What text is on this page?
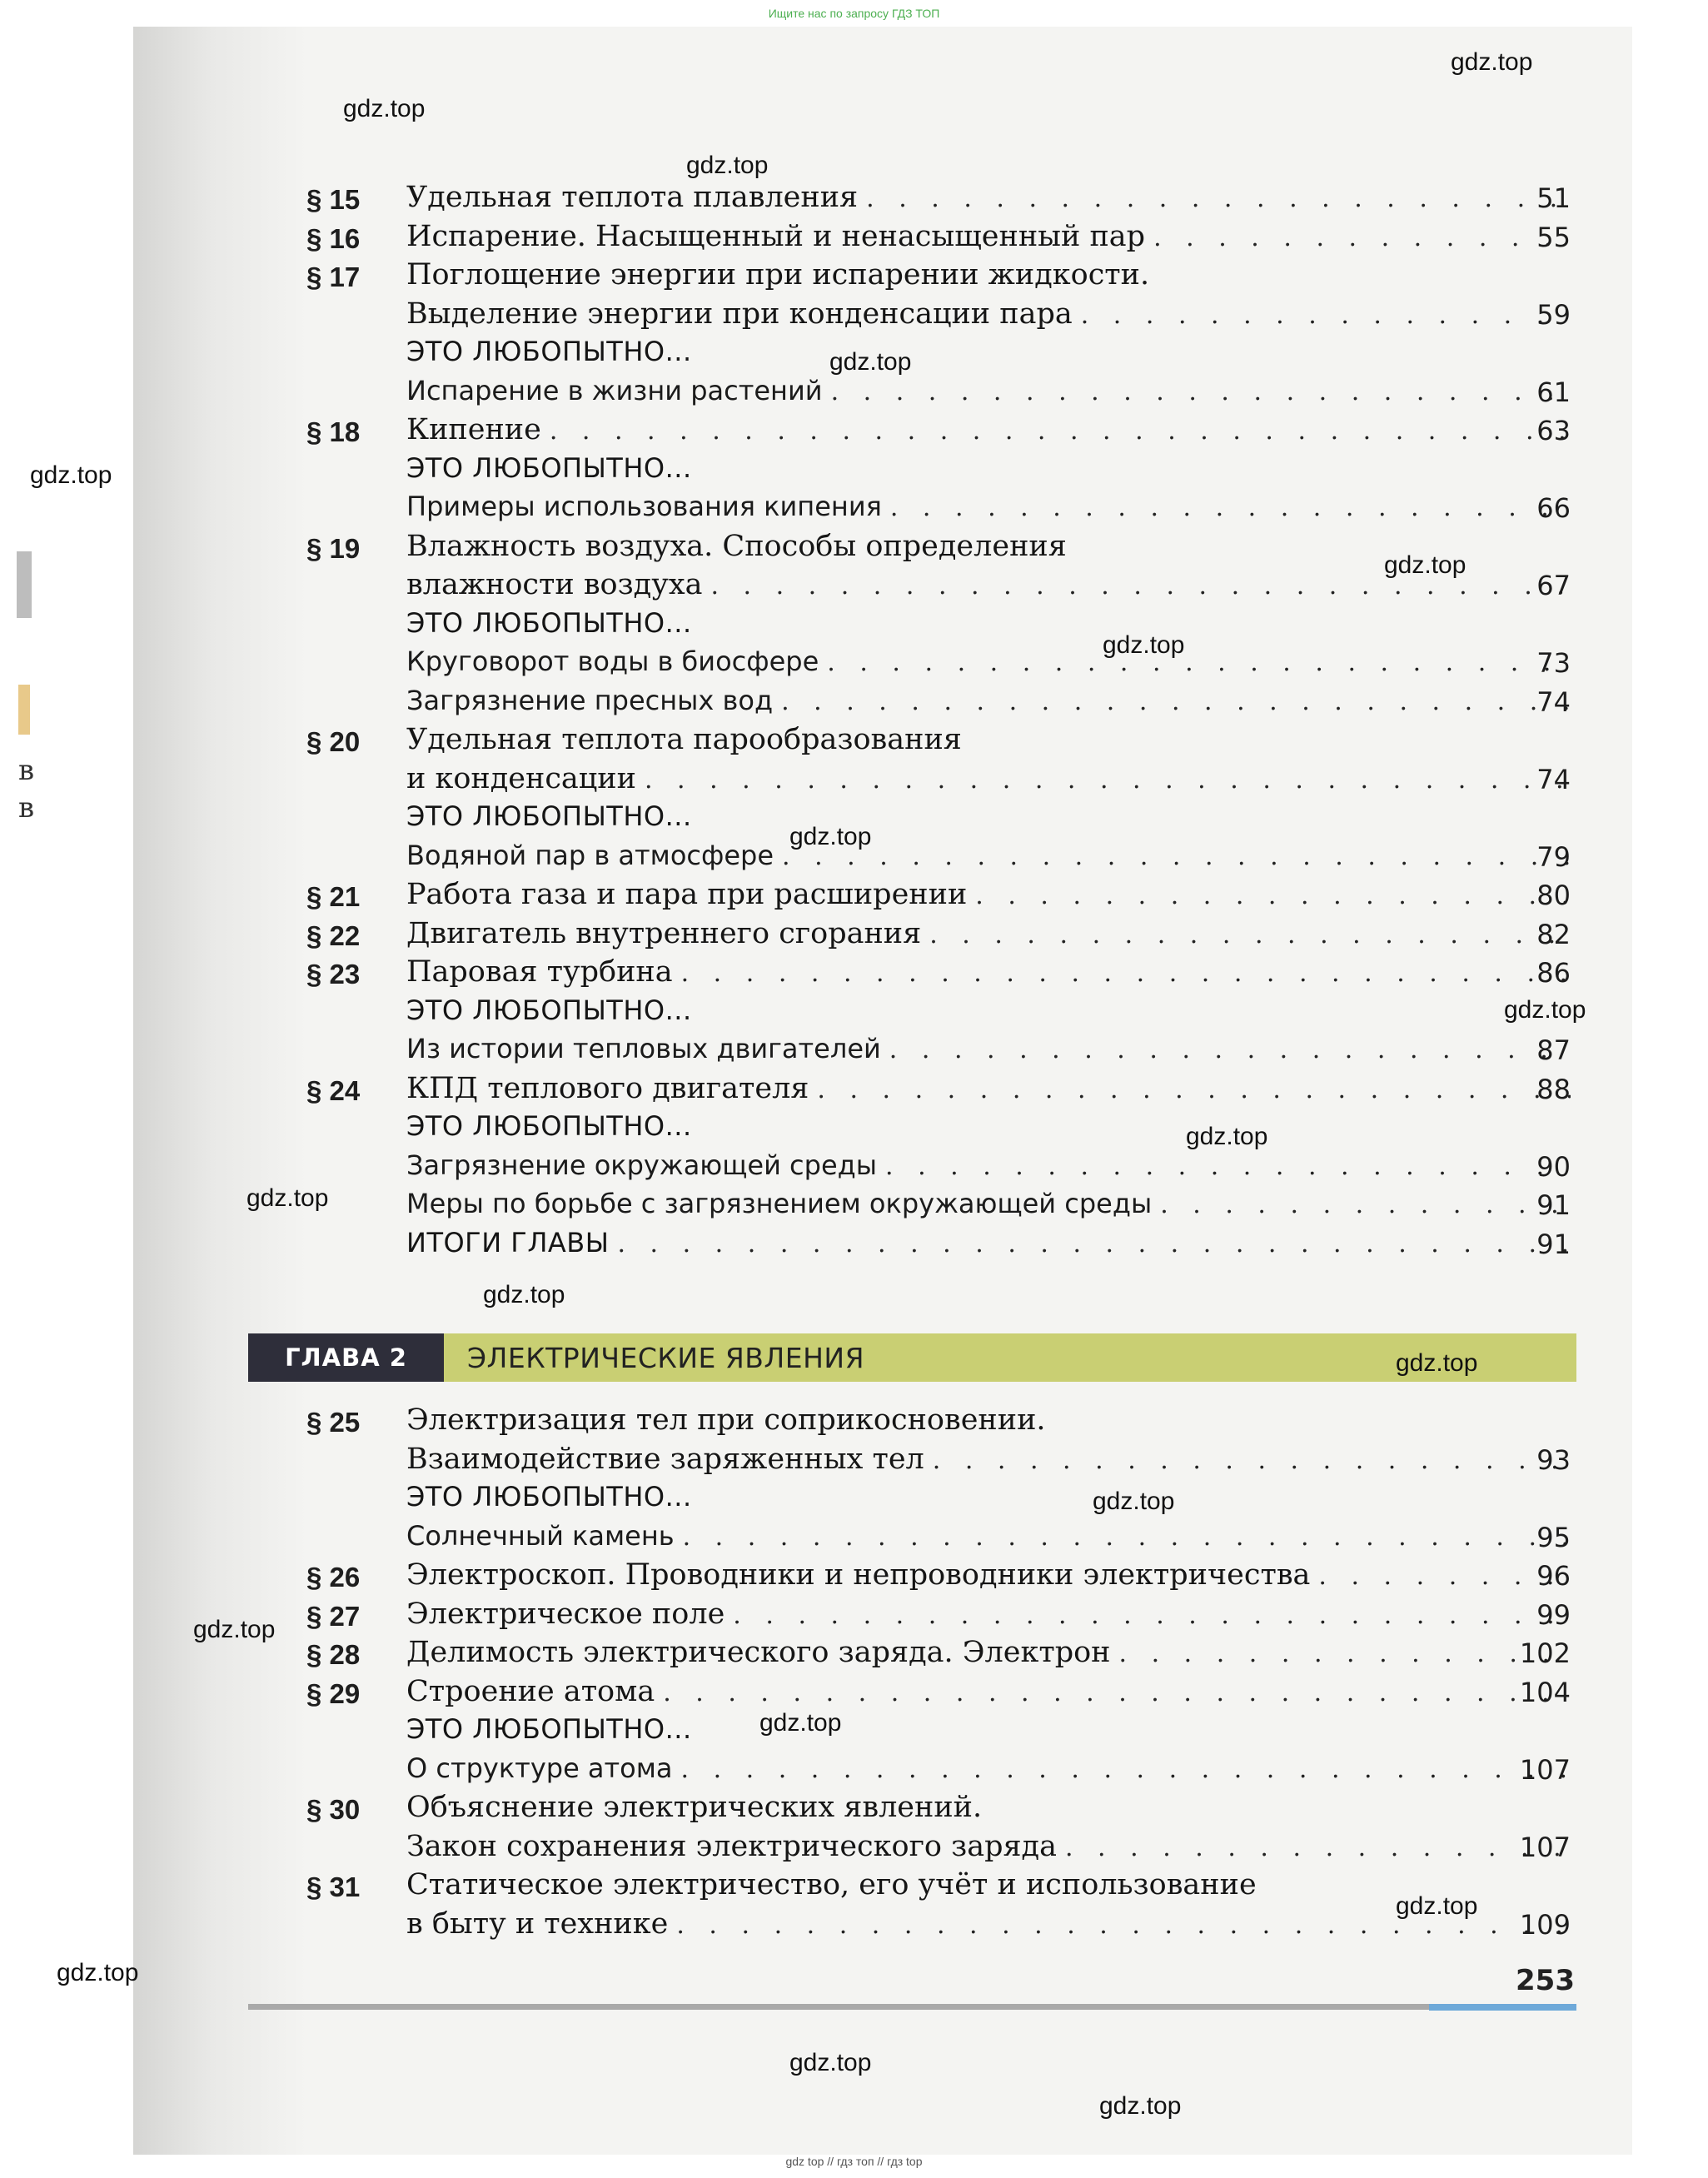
Ищите нас по запросу ГДЗ ТОП
в
в
§ 15	Удельная теплота плавления . . .	51
§ 16	Испарение. Насыщенный и ненасыщенный пар . . .	55
§ 17	Поглощение энергии при испарении жидкости.
Выделение энергии при конденсации пара . . .	59
ЭТО ЛЮБОПЫТНО...
Испарение в жизни растений . . .	61
§ 18	Кипение . . .	63
ЭТО ЛЮБОПЫТНО...
Примеры использования кипения . . .	66
§ 19	Влажность воздуха. Способы определения
влажности воздуха . . .	67
ЭТО ЛЮБОПЫТНО...
Круговорот воды в биосфере . . .	73
Загрязнение пресных вод . . .	74
§ 20	Удельная теплота парообразования
и конденсации . . .	74
ЭТО ЛЮБОПЫТНО...
Водяной пар в атмосфере . . .	79
§ 21	Работа газа и пара при расширении . . .	80
§ 22	Двигатель внутреннего сгорания . . .	82
§ 23	Паровая турбина . . .	86
ЭТО ЛЮБОПЫТНО...
Из истории тепловых двигателей . . .	87
§ 24	КПД теплового двигателя . . .	88
ЭТО ЛЮБОПЫТНО...
Загрязнение окружающей среды . . .	90
Меры по борьбе с загрязнением окружающей среды . . .	91
ИТОГИ ГЛАВЫ . . .	91
§ 25	Электризация тел при соприкосновении.
Взаимодействие заряженных тел . . .	93
ЭТО ЛЮБОПЫТНО...
Солнечный камень . . .	95
§ 26	Электроскоп. Проводники и непроводники электричества . . .	96
§ 27	Электрическое поле . . .	99
§ 28	Делимость электрического заряда. Электрон . . .	102
§ 29	Строение атома . . .	104
ЭТО ЛЮБОПЫТНО...
О структуре атома . . .	107
§ 30	Объяснение электрических явлений.
Закон сохранения электрического заряда . . .	107
§ 31	Статическое электричество, его учёт и использование
в быту и технике . . .	109
ГЛАВА 2	ЭЛЕКТРИЧЕСКИЕ ЯВЛЕНИЯ
253
gdz.top
gdz.top
gdz.top
gdz.top
gdz.top
gdz.top
gdz.top
gdz.top
gdz.top
gdz.top
gdz.top
gdz.top
gdz.top
gdz.top
gdz.top
gdz.top
gdz.top
gdz.top
gdz.top
gdz.top
gdz top // гдз топ // гдз top
